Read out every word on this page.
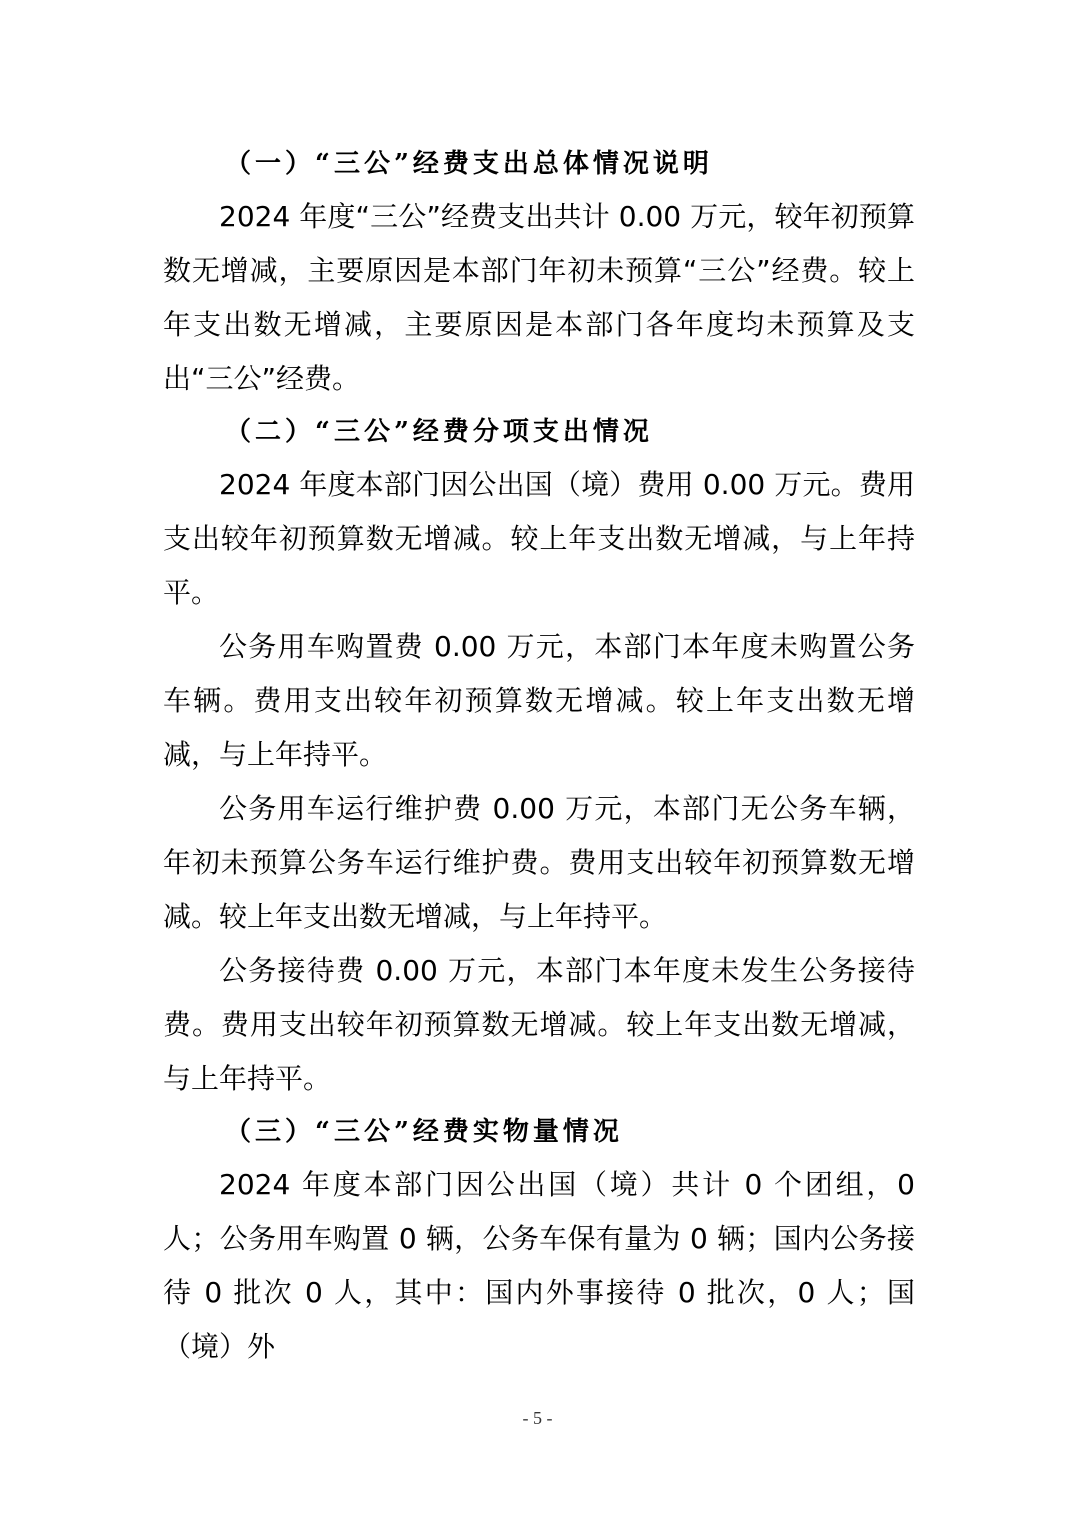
（一）“三公”经费支出总体情况说明

2024 年度“三公”经费支出共计 0.00 万元，较年初预算数无增减，主要原因是本部门年初未预算“三公”经费。较上年支出数无增减，主要原因是本部门各年度均未预算及支出“三公”经费。

（二）“三公”经费分项支出情况

2024 年度本部门因公出国（境）费用 0.00 万元。费用支出较年初预算数无增减。较上年支出数无增减，与上年持平。

公务用车购置费 0.00 万元，本部门本年度未购置公务车辆。费用支出较年初预算数无增减。较上年支出数无增减，与上年持平。

公务用车运行维护费 0.00 万元，本部门无公务车辆，年初未预算公务车运行维护费。费用支出较年初预算数无增减。较上年支出数无增减，与上年持平。

公务接待费 0.00 万元，本部门本年度未发生公务接待费。费用支出较年初预算数无增减。较上年支出数无增减，与上年持平。

（三）“三公”经费实物量情况

2024 年度本部门因公出国（境）共计 0 个团组，0 人；公务用车购置 0 辆，公务车保有量为 0 辆；国内公务接待 0 批次 0 人，其中：国内外事接待 0 批次，0 人；国（境）外

- 5 -
